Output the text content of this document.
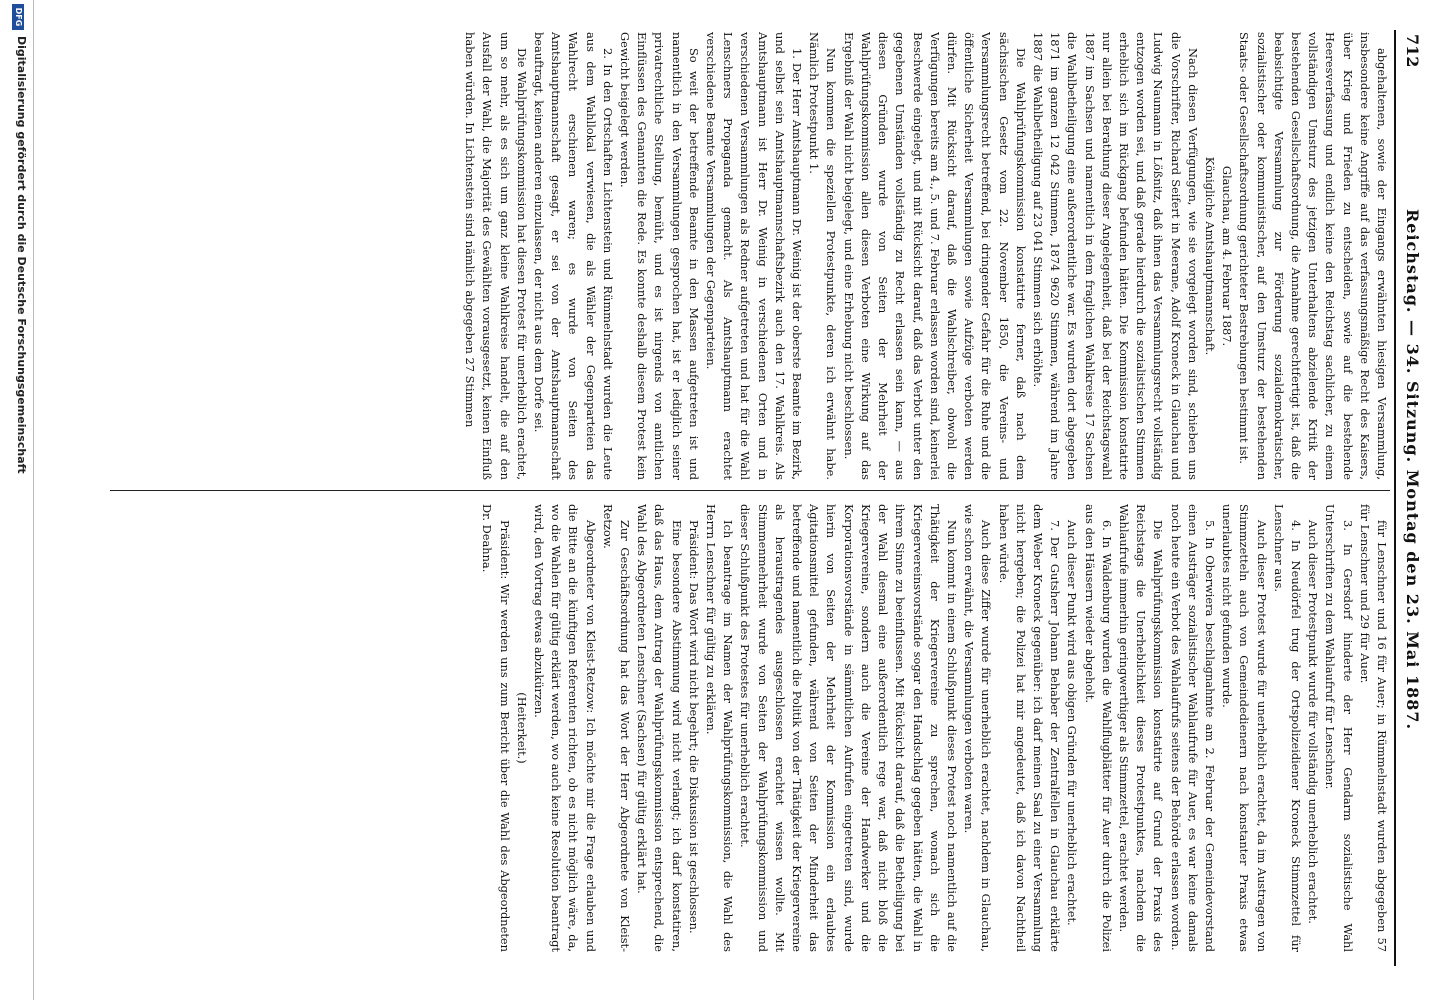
712
Reichstag. — 34. Sitzung. Montag den 23. Mai 1887.

abgehaltenen, sowie der Eingangs erwähnten hiesigen Versammlung, insbesondere keine Angriffe auf das verfassungsmäßige Recht des Kaisers, über Krieg und Frieden zu entscheiden, sowie auf die bestehende Heeresverfassung und endlich keine den Reichstag sachlicher, zu einem vollständigen Umsturz des jetzigen Unterhaltens abzielende Kritik der bestehenden Gesellschaftsordnung, die Annahme gerechtfertigt ist, daß die beabsichtigte Versammlung zur Förderung sozialdemokratischer, sozialistischer oder kommunistischer, auf den Umsturz der bestehenden Staats- oder Gesellschaftsordnung gerichteter Bestrebungen bestimmt ist.

Glauchau, am 4. Februar 1887.

Königliche Amtshauptmannschaft.

Nach diesen Verfügungen, wie sie vorgelegt worden sind, schieben uns die Vorschrifter, Richard Seifert in Meerane, Adolf Kroneck in Glauchau und Ludwig Naumann in Lößnitz, daß ihnen das Versammlungsrecht vollständig entzogen worden sei, und daß gerade hierdurch die sozialistischen Stimmen erheblich sich im Rückgang befunden hätten. Die Kommission konstatirte nur allein bei Berathung dieser Angelegenheit, daß bei der Reichstagswahl 1887 im Sachsen und namentlich in dem fraglichen Wahlkreise 17 Sachsen die Wahlbetheiligung eine außerordentliche war. Es wurden dort abgegeben 1871 im ganzen 12 042 Stimmen, 1874 9620 Stimmen, während im Jahre 1887 die Wahlbetheiligung auf 23 041 Stimmen sich erhöhte.

Die Wahlprüfungskommission konstatirte ferner, daß nach dem sächsischen Gesetz vom 22. November 1850, die Vereins- und Versammlungsrecht betreffend, bei dringender Gefahr für die Ruhe und die öffentliche Sicherheit Versammlungen sowie Aufzüge verboten werden dürfen. Mit Rücksicht darauf, daß die Wahlschreiber, obwohl die Verfügungen bereits am 4., 5. und 7. Februar erlassen worden sind, keinerlei Beschwerde eingelegt, und mit Rücksicht darauf, daß das Verbot unter den gegebenen Umständen vollständig zu Recht erlassen sein kann, — aus diesen Gründen wurde von Seiten der Mehrheit der Wahlprüfungskommission allen diesen Verboten eine Wirkung auf das Ergebniß der Wahl nicht beigelegt, und eine Erhebung nicht beschlossen.

Nun kommen die speziellen Protestpunkte, deren ich erwähnt habe. Nämlich Protestpunkt 1.

1. Der Herr Amtshauptmann Dr. Weinig ist der oberste Beamte im Bezirk, und selbst sein Amtshauptmannschaftsbezirk auch den 17. Wahlkreis. Als Amtshauptmann ist Herr Dr. Weinig in verschiedenen Orten und in verschiedenen Versammlungen als Redner aufgetreten und hat für die Wahl Lenschners Propaganda gemacht. Als Amtshauptmann erachtet verschiedene Beamte Versammlungen der Gegenparteien.

So weit der betreffende Beamte in den Massen aufgetreten ist und namentlich in den Versammlungen gesprochen hat, ist er lediglich seiner privatrechtliche Stellung, bemüht, und es ist nirgends von amtlichen Einflüssen des Genannten die Rede. Es konnte deshalb diesem Protest kein Gewicht beigelegt werden.

2. In den Ortschaften Lichtenstein und Rümmelnstadt wurden die Leute aus dem Wahllokal verwiesen, die als Wähler der Gegenparteien das Wahlrecht erschienen waren; es wurde von Seiten des Amtshauptmannschaft gesagt, er sei von der Amtshauptmannschaft beauftragt, keinen anderen einzulassen, der nicht aus dem Dorfe sei.

Die Wahlprüfungskommission hat diesen Protest für unerheblich erachtet, um so mehr, als es sich um ganz kleine Wahlkreise handelt, die auf den Ausfall der Wahl, die Majorität des Gewählten vorausgesetzt, keinen Einfluß haben würden. In Lichtenstein sind nämlich abgegeben 27 Stimmen

für Lenschner und 16 für Auer; in Rümmelnstadt wurden abgegeben 57 für Lenschner und 29 für Auer.

3. In Gersdorf hinderte der Herr Gendarm sozialistische Wahl Unterschriften zu dem Wahlaufruf für Lenschner.

Auch dieser Protestpunkt wurde für vollständig unerheblich erachtet.

4. In Neudörfel trug der Ortspolizeidiener Kroneck Stimmzettel für Lenschner aus.

Auch dieser Protest wurde für unerheblich erachtet, da im Austragen von Stimmzetteln auch von Gemeindedienern nach konstanter Praxis etwas unerlaubtes nicht gefunden wurde.

5. In Oberwiera beschlagnahmte am 2. Februar der Gemeindevorstand einen Austräger sozialistischer Wahlaufrufe für Auer, es war keine damals noch heute ein Verbot des Wahlaufrufs seitens der Behörde erlassen worden.

Die Wahlprüfungskommission konstatirte auf Grund der Praxis des Reichstags die Unerheblichkeit dieses Protestpunktes, nachdem die Wahlaufrufe immerhin geringwerthiger als Stimmzettel, erachtet werden.

6. In Waldenburg wurden die Wahlflugblätter für Auer durch die Polizei aus den Häusern wieder abgeholt.

Auch dieser Punkt wird aus obigen Gründen für unerheblich erachtet.

7. Der Gutsherr Johann Behaber der Zentralfellen in Glauchau erklärte dem Weber Kroneck gegenüber: ich darf meinen Saal zu einer Versammlung nicht hergeben; die Polizei hat mir angedeutet, daß ich davon Nachtheil haben würde.

Auch diese Ziffer wurde für unerheblich erachtet, nachdem in Glauchau, wie schon erwähnt, die Versammlungen verboten waren.

Nun kommt in einem Schlußpunkt dieses Protest noch namentlich auf die Thätigkeit der Kriegervereine zu sprechen, wonach sich die Kriegervereinsvorstände sogar den Handschlag gegeben hätten, die Wahl in ihrem Sinne zu beeinflussen. Mit Rücksicht darauf, daß die Betheiligung bei der Wahl diesmal eine außerordentlich rege war, daß nicht bloß die Kriegervereine, sondern auch die Vereine der Handwerker und die Korporationsvorstände in sämmtlichen Aufrufen eingetreten sind, wurde hierin von Seiten der Mehrheit der Kommission ein erlaubtes Agitationsmittel gefunden, während von Seiten der Minderheit das betreffende und namentlich die Politik von der Thätigkeit der Kriegervereine als heraustragendes ausgeschlossen erachtet wissen wollte. Mit Stimmenmehrheit wurde von Seiten der Wahlprüfungskommission und dieser Schlußpunkt des Protestes für unerheblich erachtet.

Ich beantrage im Namen der Wahlprüfungskommission, die Wahl des Herrn Lenschner für gültig zu erklären.

Präsident: Das Wort wird nicht begehrt; die Diskussion ist geschlossen.

Eine besondere Abstimmung wird nicht verlangt; ich darf konstatiren, daß das Haus, dem Antrag der Wahlprüfungskommission entsprechend, die Wahl des Abgeordneten Lenschner (Sachsen) für gültig erklärt hat.

Zur Geschäftsordnung hat das Wort der Herr Abgeordnete von Kleist-Retzow.

Abgeordneter von Kleist-Retzow: Ich möchte mir die Frage erlauben und die Bitte an die künftigen Referenten richten, ob es nicht möglich wäre, da, wo die Wahlen für gültig erklärt werden, wo auch keine Resolution beantragt wird, den Vortrag etwas abzukürzen.

(Heiterkeit.)

Präsident: Wir werden uns zum Bericht über die Wahl des Abgeordneten Dr. Deahna.

DFGDigitalisierung gefördert durch die Deutsche Forschungsgemeinschaft
